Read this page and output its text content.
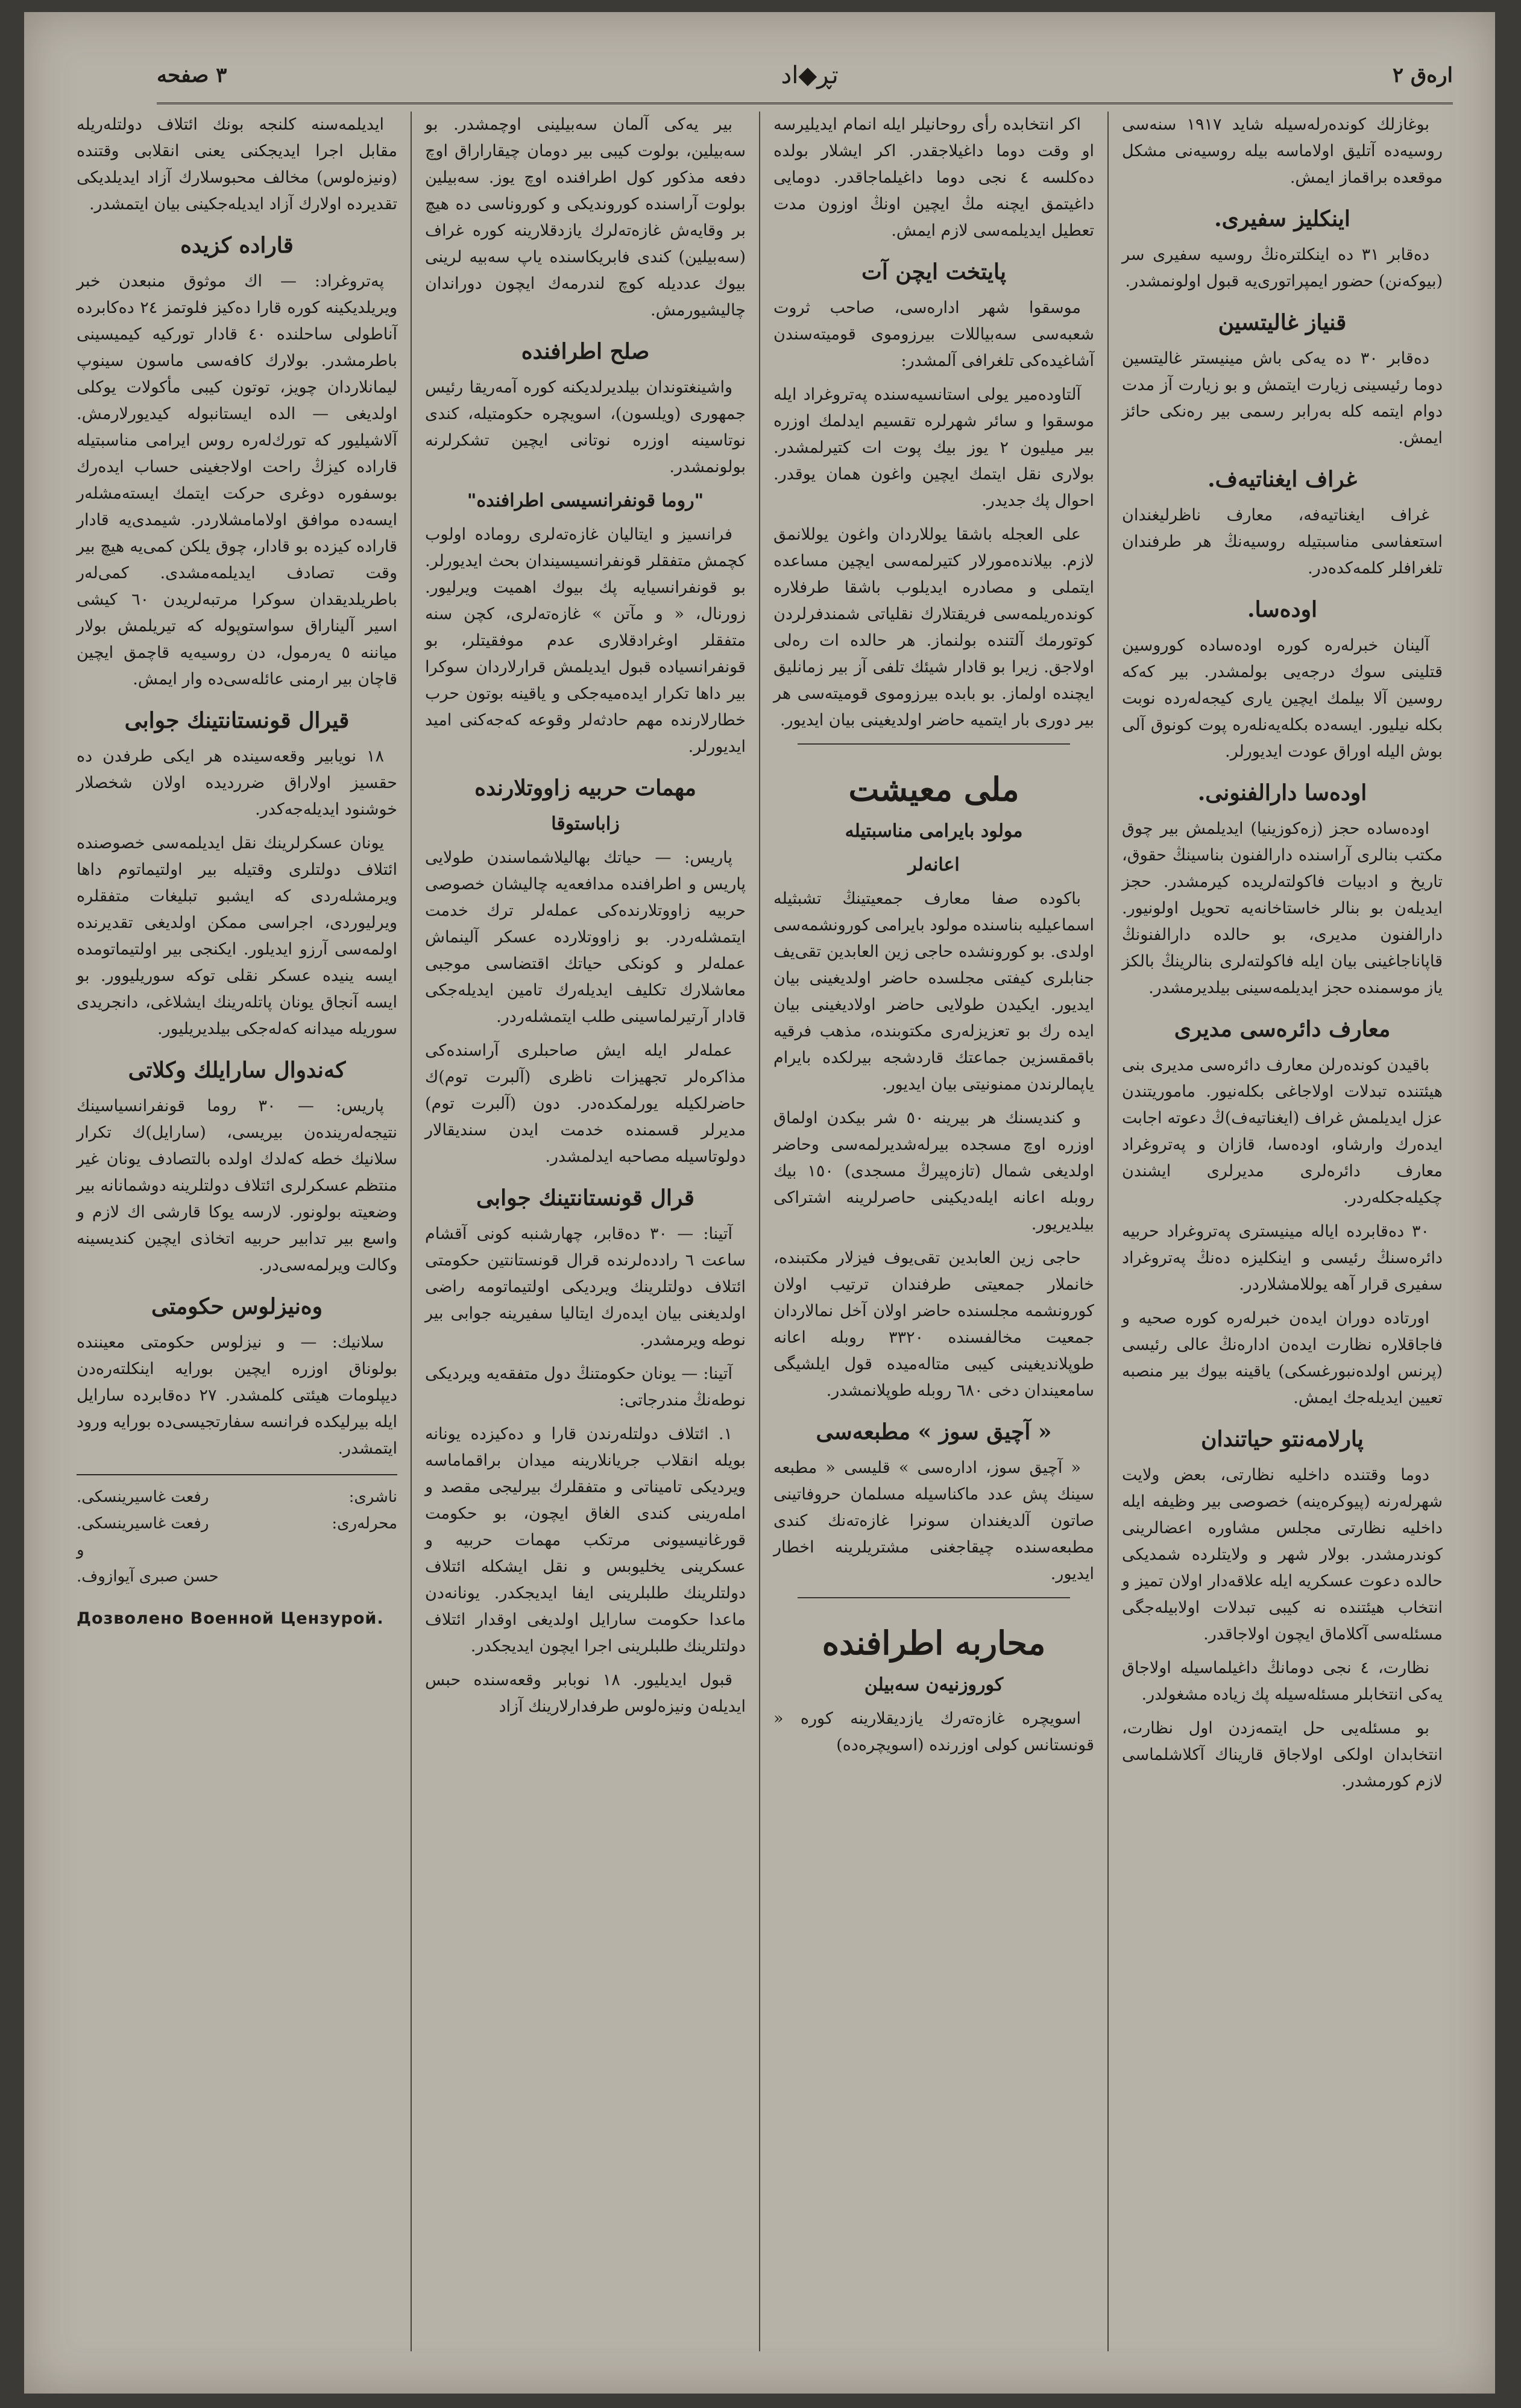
ارەق ٢
تڕ◆اد
٣ صفحه

بوغازلك كوندەرلەسیلە شاید ١٩١٧ سنەسی روسیەدە آتلیق اولاماسە بیلە روسیەنی مشكل موقعدە براقماز ایمش.

اینكلیز سفیری.

دەقابر ٣١ دە اینكلترەنڭ روسیە سفیری سر (بیوكەنن) حضور ایمپراتوری‌یە قبول اولونمشدر.

قنیاز غالیتسین

دەقابر ٣٠ دە یەكی باش مینیستر غالیتسین دوما رئیسینی زیارت ایتمش و بو زیارت آز مدت دوام ایتمە كلە بەرابر رسمی بیر رەنكی حائز ایمش.

غراف ایغناتیەف.

غراف ایغناتیەفە، معارف ناظرلیغندان استعفاسی مناسبتیلە روسیەنڭ هر طرفندان تلغرافلر كلمەكدەدر.

اودەسا.

آلینان خبرلەرە كورە اودەسادە كوروسین قتلینی سوك درجەیی بولمشدر. بیر كەكە روسین آلا بیلمك ایچین یاری كیجەلەردە نوبت بكلە نیلیور. ایسەدە بكلەیەنلەرە پوت كونوق آلی بوش الیلە اوراق عودت ایدیورلر.

اودەسا دارالفنونی.

اودەسادە حجز (زەكوزینیا) ایدیلمش بیر چوق مكتب بنالری آراسندە دارالفنون بناسینڭ حقوق، تاریخ و ادبیات فاكولتەلریدە كیرمشدر. حجز ایدیلەن بو بنالر خاستاخانەیە تحویل اولونیور. دارالفنون مدیری، بو حالدە دارالفنونڭ قاپاناجاغینی بیان ایلە فاكولتەلری بنالرینڭ بالكز یاز موسمندە حجز ایدیلمەسینی بیلدیرمشدر.

معارف دائرەسی مدیری

باقیدن كوندەرلن معارف دائرەسی مدیری بنی هیئتندە تبدلات اولاجاغی بكلەنیور. ماموریتندن عزل ایدیلمش غراف (ایغناتیەف)ڭ دعوتە اجابت ایدەرك وارشاو، اودەسا، قازان و پەتروغراد معارف دائرەلری مدیرلری ایشندن چكیلەجكلەردر.

٣٠ دەقابردە ایالە مینیستری پەتروغراد حربیە دائرەسنڭ رئیسی و اینكلیزە دەنڭ پەتروغراد سفیری قرار آهە یوللامشلاردر.

اورتادە دوران ایدەن خبرلەرە كورە صحیە و فاجاقلارە نظارت ایدەن ادارەنڭ عالی رئیسی (پرنس اولدەنبورغسكی) یاقینە بیوك بیر منصبە تعیین ایدیلەجك ایمش.

پارلامەنتو حیاتندان

دوما وقتندە داخلیە نظارتی، بعض ولایت شهرلەرنە (پیوكرەینە) خصوصی بیر وظیفە ایلە داخلیە نظارتی مجلس مشاورە اعضالرینی كوندرمشدر. بولار شهر و ولایتلردە شمدیكی حالدە دعوت عسكریە ایلە علاقەدار اولان تمیز و انتخاب هیئتندە نە كیبی تبدلات اولابیلەجگی مسئلەسی آكلاماق ایچون اولاجاقدر.

نظارت، ٤ نجی دومانڭ داغیلماسیلە اولاجاق یەكی انتخابلر مسئلەسیلە پك زیادە مشغولدر.

بو مسئلەیی حل ایتمەزدن اول نظارت، انتخابدان اولکی اولاجاق قاریناك آكلاشلماسی لازم كورمشدر.

اكر انتخابدە رأی روحانیلر ایلە انمام ایدیلیرسە او وقت دوما داغیلاجقدر. اكر ایشلار بولدە دەكلسە ٤ نجی دوما داغیلماجاقدر. دومایی داغیتمق ایچنە مڭ ایچین اونڭ اوزون مدت تعطیل ایدیلمەسی لازم ایمش.

پایتخت ایچن آت

موسقوا شهر ادارەسی، صاحب ثروت شعبەسی سەبیاللات بیرزوموی قومیتەسندن آشاغیدەكی تلغرافی آلمشدر:

آلتاودەمیر یولی استانسیەسندە پەتروغراد ایلە موسقوا و سائر شهرلرە تقسیم ایدلمك اوزرە بیر میلیون ٢ یوز بیك پوت ات كتیرلمشدر. بولاری نقل ایتمك ایچین واغون همان یوقدر. احوال پك جدیدر.

علی العجلە باشقا یوللاردان واغون یوللانمق لازم. بیلاندەمورلار كتیرلمەسی ایچین مساعدە ایتملی و مصادرە ایدیلوب باشقا طرفلارە كوندەریلمەسی فریقتلارك نقلیاتی شمندفرلردن كوتورمك آلتندە بولنماز. هر حالدە ات رەلی اولاجق. زیرا بو قادار شیئك تلفی آز بیر زمانلیق ایچندە اولماز. بو بابدە بیرزوموی قومیتەسی هر بیر دوری بار ایتمیە حاضر اولدیغینی بیان ایدیور.

ملی معیشت
مولود بایرامی مناسبتیلە
اعانەلر

باكودە صفا معارف جمعیتینڭ تشبثیلە اسماعیلیە بناسندە مولود بایرامی كورونشمەسی اولدی. بو كورونشدە حاجی زین العابدین تقی‌یف جنابلری كیفتی مجلسدە حاضر اولدیغینی بیان ایدیور. ایكیدن طولایی حاضر اولادیغینی بیان ایدە رك بو تعزیزلەری مكتوبندە، مذهب فرقیە باقمقسزین جماعتك قاردشجە بیرلكدە بایرام یاپمالرندن ممنونیتی بیان ایدیور.

و كندیسنك هر بیرینە ٥٠ شر بیكدن اولماق اوزرە اوچ مسجدە بیرلەشدیرلمەسی وحاضر اولدیغی شمال (تازەپیرڭ مسجدی) ١٥٠ بیك روبلە اعانە ایلەدیكینی حاصرلرینە اشتراكی بیلدیریور.

حاجی زین العابدین تقی‌یوف فیزلار مكتبندە، خانملار جمعیتی طرفندان ترتیب اولان كورونشمە مجلسندە حاضر اولان آخل نمالاردان جمعیت مخالفسندە ٣٣٢٠ روبلە اعانە طوپلاندیغینی كیبی متالەمیدە قول ایلشیگی سامعیندان دخی ٦٨٠ روبلە طوپلانمشدر.

« آچیق سوز » مطبعەسی

« آچیق سوز، ادارەسی » قلیسی « مطبعە سینك پش عدد ماكناسیلە مسلمان حروفاتینی صاتون آلدیغندان سونرا غازەتەنك كندی مطبعەسندە چیقاجغنی مشتریلرینە اخطار ایدیور.

محاربە اطرافندە
كوروزنیەن سەبیلن

اسویچرە غازەتەرك یازدیقلارینە كورە « قونستانس كولی اوزرندە (اسویچرەدە)

بیر یەكی آلمان سەبیلینی اوچمشدر. بو سەبیلین، بولوت كیبی بیر دومان چیقاراراق اوچ دفعە مذكور كول اطرافندە اوچ یوز. سەبیلین بولوت آراسندە كوروندیكی و كوروناسی دە هیچ بر وقایەش غازەتەلرك یازدقلارینە كورە غراف (سەبیلین) كندی فابریكاسندە یاپ سەبیە لرینی بیوك عددیلە كوچ لندرمەك ایچون دوراندان چالیشیورمش.

صلح اطرافندە

واشینغتوندان بیلدیرلدیكنە كورە آمەریقا رئیس جمهوری (ویلسون)، اسویچرە حكومتیلە، كندی نوتاسینە اوزرە نوتانی ایچین تشكرلرنە بولونمشدر.

"روما قونفرانسیسی اطرافندە"

فرانسیز و ایتالیان غازەتەلری رومادە اولوب كچمش متفقلر قونفرانسیسیندان بحث ایدیورلر. بو قونفرانسیایە پك بیوك اهمیت ویرلیور. زورنال، « و مآتن » غازەتەلری، كچن سنە متفقلر اوغرادقلاری عدم موفقیتلر، بو قونفرانسیادە قبول ایدیلمش قرارلاردان سوكرا بیر داها تكرار ایدەمیەجكی و یاقینە بوتون حرب خطارلارندە مهم حادثەلر وقوعە كەجەكنی امید ایدیورلر.

مهمات حربیە زاووتلارندە
زاباستوقا

پاریس: — حیاتك بهالیلاشماسندن طولایی پاریس و اطرافندە مدافعەیە چالیشان خصوصی حربیە زاووتلارندەكی عملەلر ترك خدمت ایتمشلەردر. بو زاووتلاردە عسكر آلینماش عملەلر و كونكی حیاتك اقتضاسی موجبی معاشلارك تكلیف ایدیلەرك تامین ایدیلەجكی قادار آرتیرلماسینی طلب ایتمشلەردر.

عملەلر ایلە ایش صاحبلری آراسندەكی مذاكرەلر تجهیزات ناظری (آلبرت توم)ك حاضرلكیلە یورلمكدەدر. دون (آلبرت توم) مدیرلر قسمندە خدمت ایدن سندیقالار دولوتاسیلە مصاحبە ایدلمشدر.

قرال قونستانتینك جوابی

آتینا: — ٣٠ دەقابر، چهارشنبە كونی آقشام ساعت ٦ راددەلرندە قرال قونستانتین حكومتی ائتلاف دولتلرینك ویردیكی اولتیماتومە راضی اولدیغنی بیان ایدەرك ایتالیا سفیرینە جوابی بیر نوطە ویرمشدر.

آتینا: — یونان حكومتنڭ دول متفقەیە ویردیكی نوطەنڭ مندرجاتی:

١. ائتلاف دولتلەرندن قارا و دەكیزدە یونانە بویلە انقلاب جریانلارینە میدان براقماماسە ویردیكی تامیناتی و متفقلرك بیرلیجی مقصد و املەرینی كندی الغاق ایچون، بو حكومت قورغانیسیونی مرتكب مهمات حربیە و عسكرینی یخلیوبس و نقل ایشكلە ائتلاف دولتلرینك طلبلرینی ایفا ایدیجكدر. یونانەدن ماعدا حكومت سارایل اولدیغی اوقدار ائتلاف دولتلرینك طلبلرینی اجرا ایچون ایدیجكدر.

قبول ایدیلیور. ١٨ نوبابر وقعەسندە حبس ایدیلەن ونیزەلوس طرفدارلارینك آزاد

ایدیلمەسنە كلنجە بونك ائتلاف دولتلەریلە مقابل اجرا ایدیجكنی یعنی انقلابی وقتندە (ونیزەلوس) مخالف محبوسلارك آزاد ایدیلدیكی تقدیردە اولارك آزاد ایدیلەجكینی بیان ایتمشدر.

قارادە كزیدە

پەتروغراد: — اك موثوق منبعدن خبر ویریلدیكینە كورە قارا دەكیز فلوتمز ٢٤ دەكابردە آناطولی ساحلندە ٤٠ قادار توركیە كیمیسینی باطرمشدر. بولارك كافەسی ماسون سینوپ لیمانلاردان چویز، توتون كیبی مأكولات یوكلی اولدیغی — الدە ایستانبولە كیدیورلارمش. آلاشیلیور كە تورك‌لەرە روس ایرامی مناسبتیلە قارادە كیزڭ راحت اولاجغینی حساب ایدەرك بوسفورە دوغری حركت ایتمك ایستەمشلەر ایسەدە موافق اولامامشلاردر. شیمدی‌یە قادار قارادە كیزدە بو قادار، چوق یلكن كمی‌یە هیچ بیر وقت تصادف ایدیلمەمشدی. كمی‌لەر باطریلدیقدان سوكرا مرتبەلریدن ٦٠ كیشی اسیر آلیناراق سواستوپولە كە تیریلمش بولار میاننە ٥ یەرمول، دن روسیەیە قاچمق ایچین قاچان بیر ارمنی عائلەسی‌دە وار ایمش.

قیرال قونستانتینك جوابی

١٨ نویابیر وقعەسیندە هر ایكی طرفدن دە حقسیز اولاراق ضرردیدە اولان شخصلار خوشنود ایدیلەجەكدر.

یونان عسكرلرینك نقل ایدیلمەسی خصوصندە ائتلاف دولتلری وقتیلە بیر اولتیماتوم داها ویرمشلەردی كە ایشبو تبلیغات متفقلرە ویرلیوردی، اجراسی ممكن اولدیغی تقدیرندە اولمەسی آرزو ایدیلور. ایكنجی بیر اولتیماتومدە ایسە ینیدە عسكر نقلی توكە سوریلیوور. بو ایسە آنجاق یونان پاتلەرینك ایشلاغی، دانجریدی سوریلە میدانە كەلەجكی بیلدیریلیور.

كەندوال سارایلك وكلاتی

پاریس: — ٣٠ روما قونفرانسیاسینك نتیجەلەریندەن بیریسی، (سارایل)ك تكرار سلانیك خطە كەلدك اولدە بالتصادف یونان غیر منتظم عسكرلری ائتلاف دولتلرینە دوشمانانە بیر وضعیتە بولونور. لارسە یوكا قارشی اك لازم و واسع بیر تدابیر حربیە اتخاذی ایچین كندیسینە وكالت ویرلمەسی‌در.

وەنیزلوس حكومتی

سلانیك: — و نیزلوس حكومتی معینندە بولوناق اوزرە ایچین بورایە اینكلتەرەدن دیپلومات هیئتی كلمشدر. ٢٧ دەقابردە سارایل ایلە بیرلیكدە فرانسە سفارتجیسی‌دە بورایە ورود ایتمشدر.

ناشری:
رفعت غاسیرینسكی.
محرلەری:
رفعت غاسیرینسكی.
و
حسن صبری آیوازوف.
Дозволено Военной Цензурой.
